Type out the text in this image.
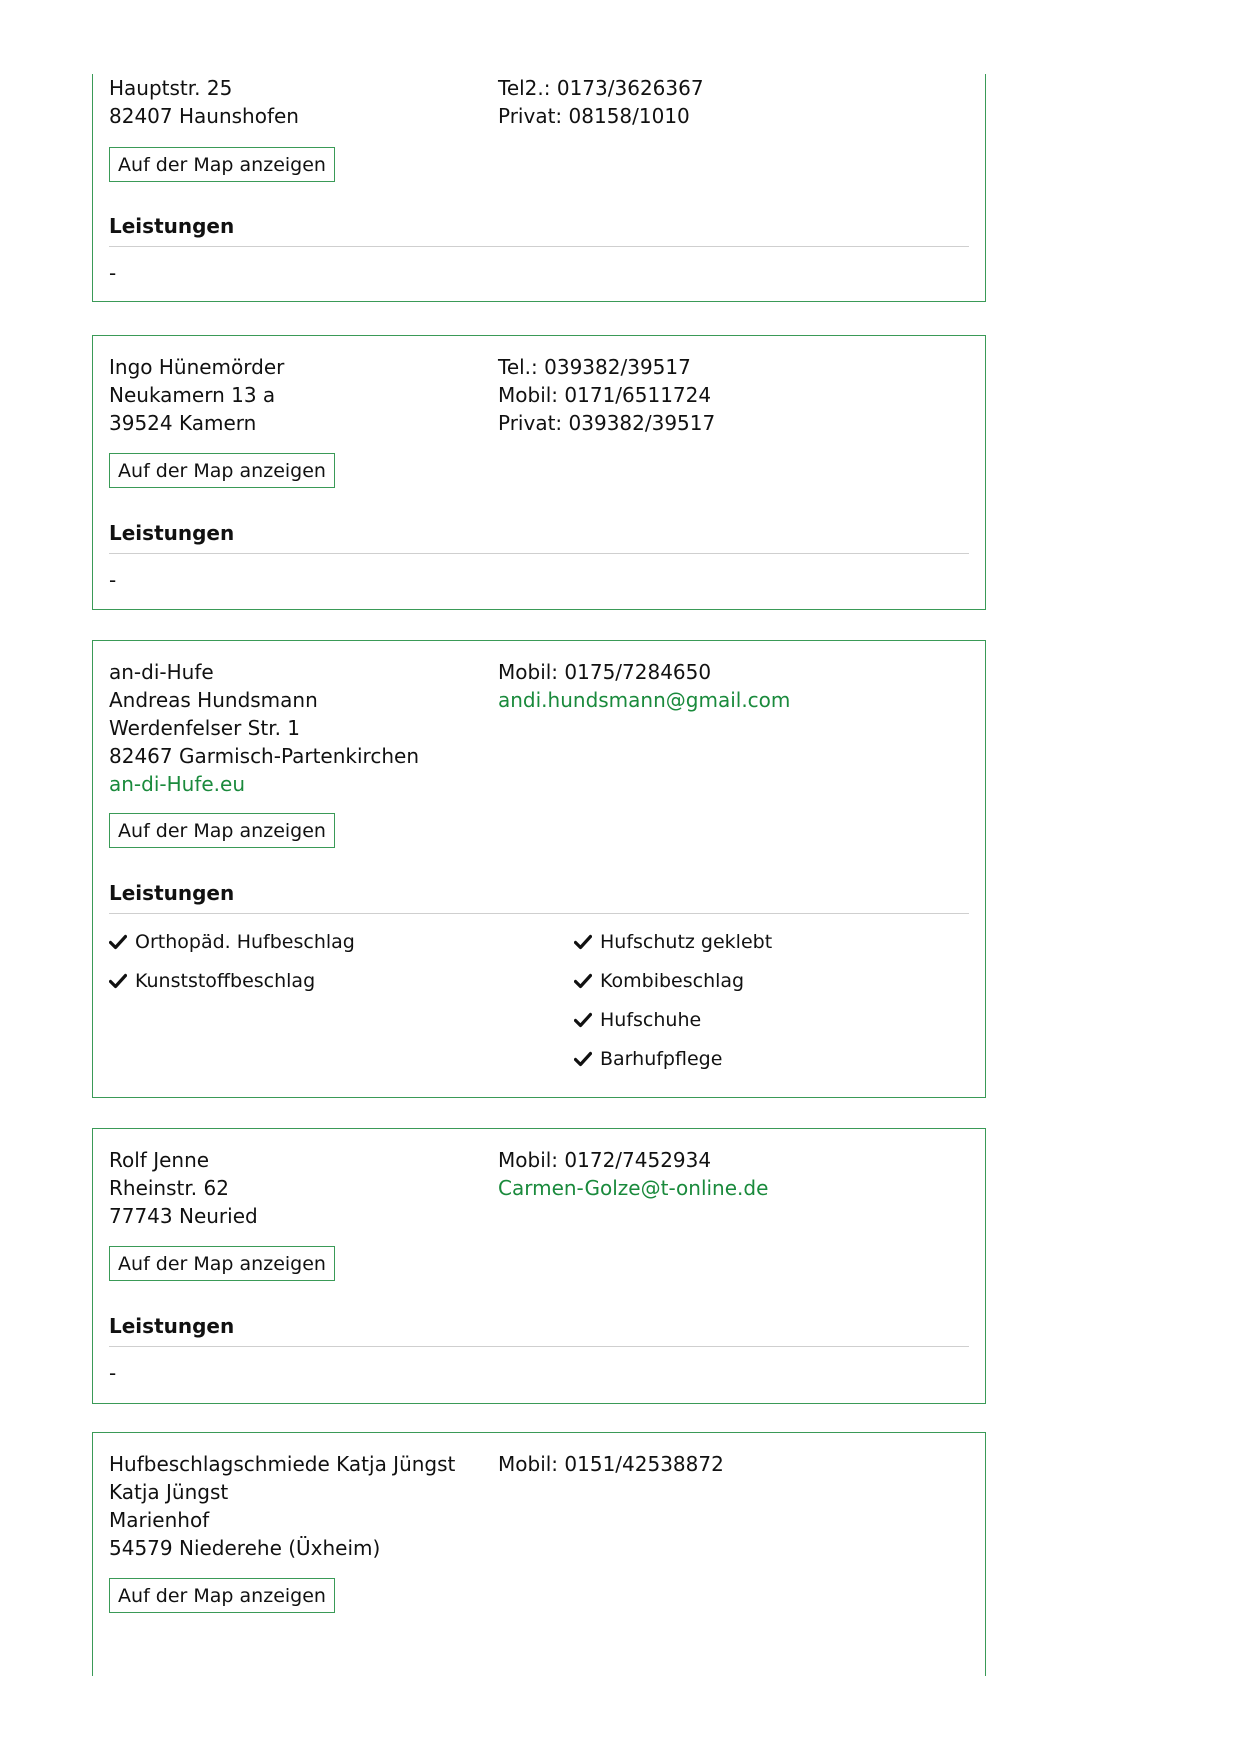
Hauptstr. 25
82407 Haunshofen
Tel2.: 0173/3626367
Privat: 08158/1010
Auf der Map anzeigen
Leistungen
-
Ingo Hünemörder
Neukamern 13 a
39524 Kamern
Tel.: 039382/39517
Mobil: 0171/6511724
Privat: 039382/39517
Auf der Map anzeigen
Leistungen
-
an-di-Hufe
Andreas Hundsmann
Werdenfelser Str. 1
82467 Garmisch-Partenkirchen
an-di-Hufe.eu
Mobil: 0175/7284650
andi.hundsmann@gmail.com
Auf der Map anzeigen
Leistungen
Orthopäd. Hufbeschlag
Kunststoffbeschlag
Hufschutz geklebt
Kombibeschlag
Hufschuhe
Barhufpflege
Rolf Jenne
Rheinstr. 62
77743 Neuried
Mobil: 0172/7452934
Carmen-Golze@t-online.de
Auf der Map anzeigen
Leistungen
-
Hufbeschlagschmiede Katja Jüngst
Katja Jüngst
Marienhof
54579 Niederehe (Üxheim)
Mobil: 0151/42538872
Auf der Map anzeigen
